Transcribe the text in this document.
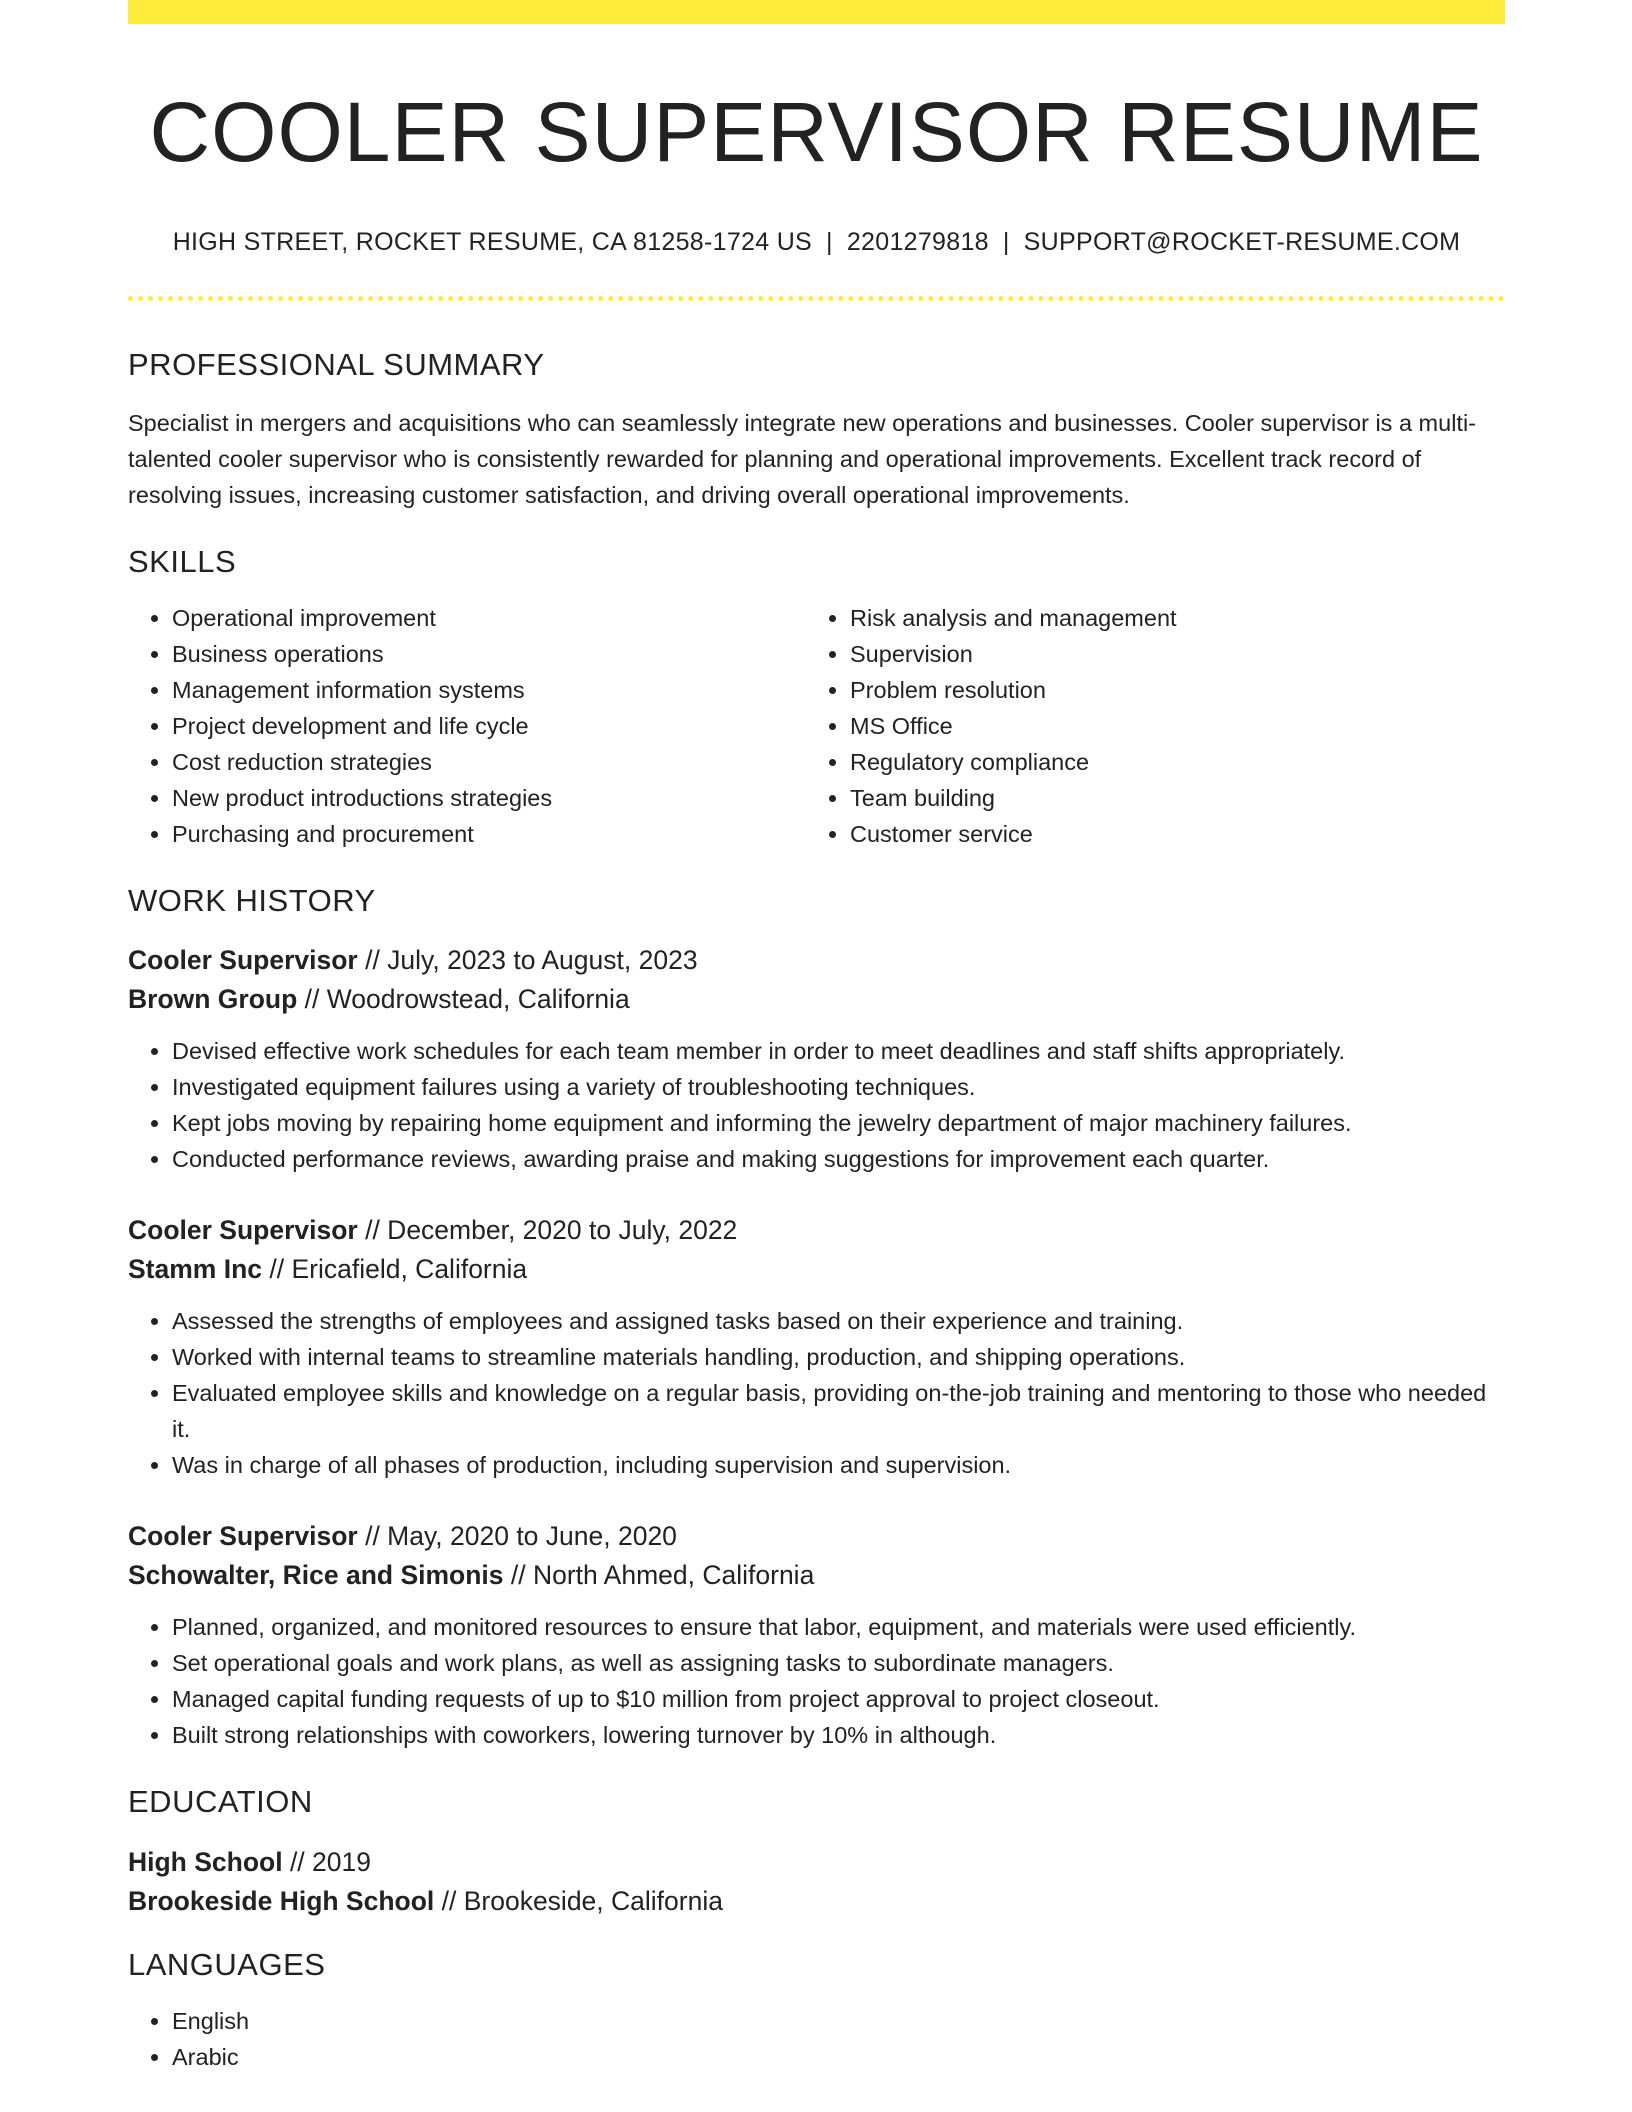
COOLER SUPERVISOR RESUME
HIGH STREET, ROCKET RESUME, CA 81258-1724 US | 2201279818 | SUPPORT@ROCKET-RESUME.COM
PROFESSIONAL SUMMARY

Specialist in mergers and acquisitions who can seamlessly integrate new operations and businesses. Cooler supervisor is a multi-talented cooler supervisor who is consistently rewarded for planning and operational improvements. Excellent track record of resolving issues, increasing customer satisfaction, and driving overall operational improvements.

SKILLS
• Operational improvement
• Business operations
• Management information systems
• Project development and life cycle
• Cost reduction strategies
• New product introductions strategies
• Purchasing and procurement
• Risk analysis and management
• Supervision
• Problem resolution
• MS Office
• Regulatory compliance
• Team building
• Customer service
WORK HISTORY
Cooler Supervisor // July, 2023 to August, 2023
Brown Group // Woodrowstead, California
• Devised effective work schedules for each team member in order to meet deadlines and staff shifts appropriately.
• Investigated equipment failures using a variety of troubleshooting techniques.
• Kept jobs moving by repairing home equipment and informing the jewelry department of major machinery failures.
• Conducted performance reviews, awarding praise and making suggestions for improvement each quarter.
Cooler Supervisor // December, 2020 to July, 2022
Stamm Inc // Ericafield, California
• Assessed the strengths of employees and assigned tasks based on their experience and training.
• Worked with internal teams to streamline materials handling, production, and shipping operations.
• Evaluated employee skills and knowledge on a regular basis, providing on-the-job training and mentoring to those who needed it.
• Was in charge of all phases of production, including supervision and supervision.
Cooler Supervisor // May, 2020 to June, 2020
Schowalter, Rice and Simonis // North Ahmed, California
• Planned, organized, and monitored resources to ensure that labor, equipment, and materials were used efficiently.
• Set operational goals and work plans, as well as assigning tasks to subordinate managers.
• Managed capital funding requests of up to $10 million from project approval to project closeout.
• Built strong relationships with coworkers, lowering turnover by 10% in although.
EDUCATION
High School // 2019
Brookeside High School // Brookeside, California
LANGUAGES
• English
• Arabic
